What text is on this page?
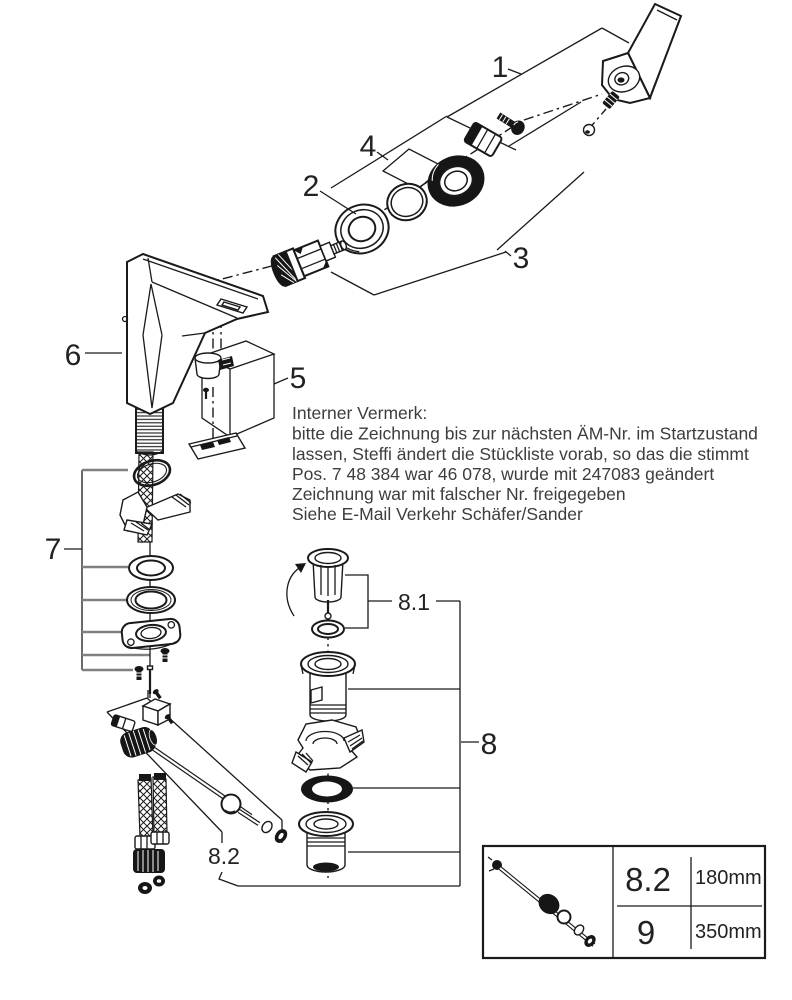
1
2
3
4
5
6
7
8
8.1
8.2
Interner Vermerk:
bitte die Zeichnung bis zur nächsten ÄM-Nr. im Startzustand
lassen, Steffi ändert die Stückliste vorab, so das die stimmt
Pos. 7 48 384 war 46 078, wurde mit 247083 geändert
Zeichnung war mit falscher Nr. freigegeben
Siehe E-Mail Verkehr Schäfer/Sander
8.2 180mm
9 350mm
